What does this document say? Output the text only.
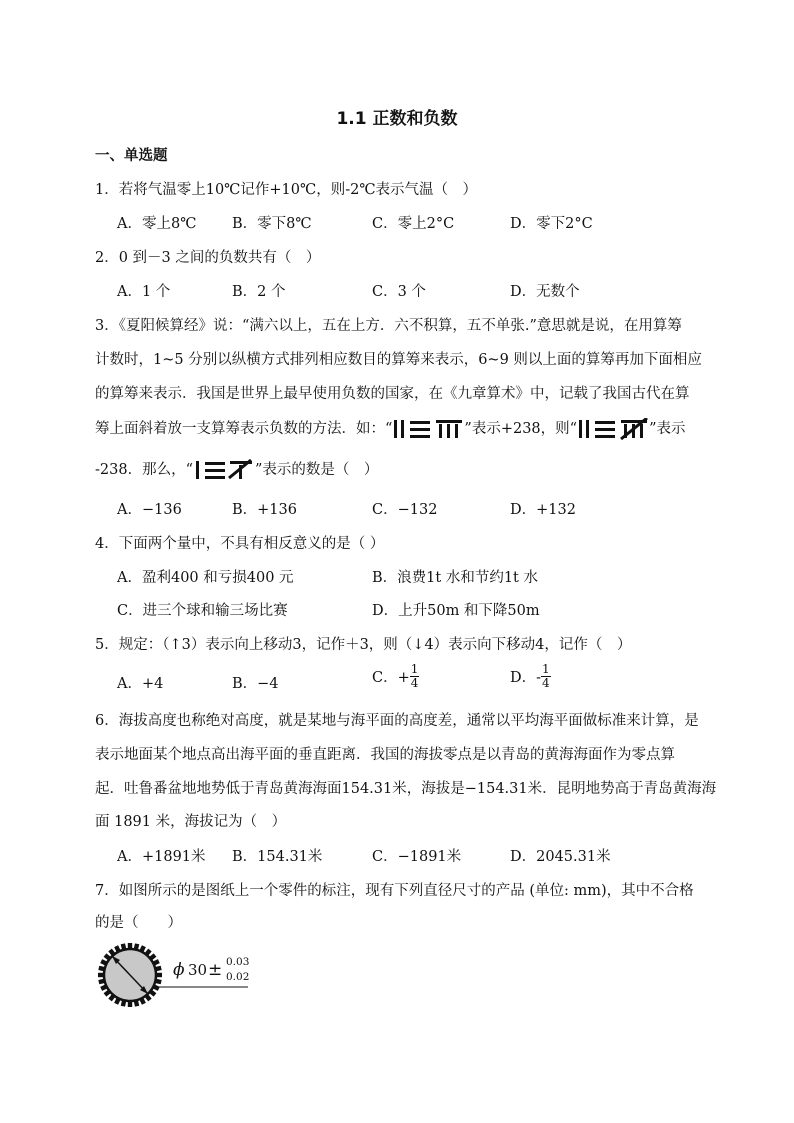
1.1 正数和负数
一、单选题
1．若将气温零上10℃记作+10℃，则-2℃表示气温（　）
A．零上8℃ B．零下8℃	C．零上2°C	D．零下2°C
2．0 到－3 之间的负数共有（　）
A．1 个	B．2 个	C．3 个	D．无数个
3．《夏阳候算经》说：“满六以上，五在上方．六不积算，五不单张.”意思就是说，在用算筹
计数时，1~5 分别以纵横方式排列相应数目的算筹来表示，6~9 则以上面的算筹再加下面相应
的算筹来表示．我国是世界上最早使用负数的国家，在《九章算术》中，记载了我国古代在算
筹上面斜着放一支算筹表示负数的方法．如：“	”表示+238，则“	”表示
-238．那么，“	”表示的数是（　）
A．−136	B．+136	C．−132	D．+132
4．下面两个量中，不具有相反意义的是（ ）
A．盈利400 和亏损400 元	B．浪费1t 水和节约1t 水
C．进三个球和输三场比赛	D．上升50m 和下降50m
5．规定：（↑3）表示向上移动3，记作＋3，则（↓4）表示向下移动4，记作（　）
A．+4	B．−4	C．+ $\frac{1}{4}$	D．- $\frac{1}{4}$
6．海拔高度也称绝对高度，就是某地与海平面的高度差，通常以平均海平面做标准来计算，是
表示地面某个地点高出海平面的垂直距离．我国的海拔零点是以青岛的黄海海面作为零点算
起．吐鲁番盆地地势低于青岛黄海海面154.31米，海拔是−154.31米．昆明地势高于青岛黄海海
面 1891 米，海拔记为（　）
A．+1891米 B．154.31米	C．−1891米	D．2045.31米
7．如图所示的是图纸上一个零件的标注，现有下列直径尺寸的产品 (单位: mm)，其中不合格
的是（　　）
ϕ 30 ± 0.03
0.02
